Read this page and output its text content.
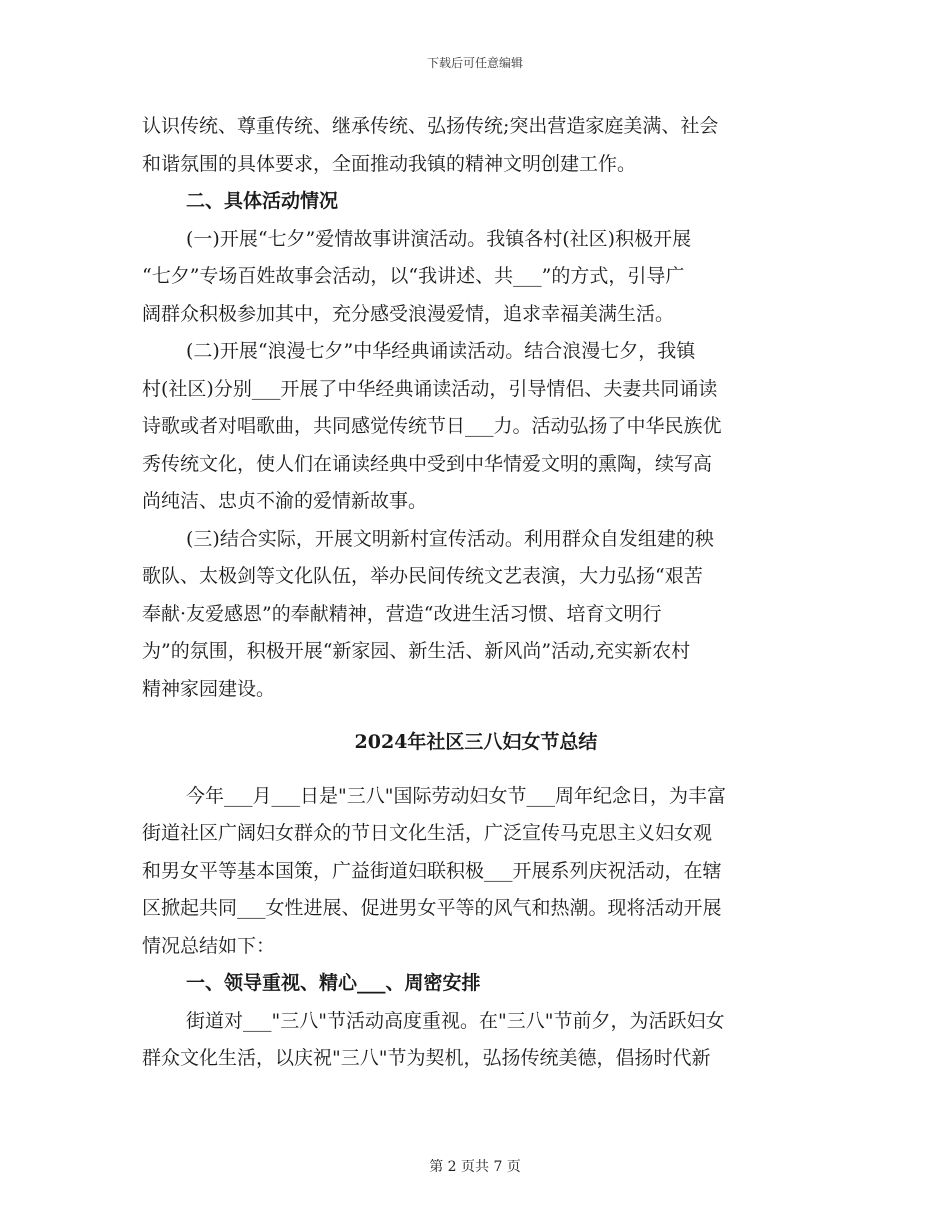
下载后可任意编辑
认识传统、尊重传统、继承传统、弘扬传统;突出营造家庭美满、社会
和谐氛围的具体要求，全面推动我镇的精神文明创建工作。
二、具体活动情况
(一)开展“七夕”爱情故事讲演活动。我镇各村(社区)积极开展
“七夕”专场百姓故事会活动，以“我讲述、共___”的方式，引导广
阔群众积极参加其中，充分感受浪漫爱情，追求幸福美满生活。
(二)开展“浪漫七夕”中华经典诵读活动。结合浪漫七夕，我镇
村(社区)分别___开展了中华经典诵读活动，引导情侣、夫妻共同诵读
诗歌或者对唱歌曲，共同感觉传统节日___力。活动弘扬了中华民族优
秀传统文化，使人们在诵读经典中受到中华情爱文明的熏陶，续写高
尚纯洁、忠贞不渝的爱情新故事。
(三)结合实际，开展文明新村宣传活动。利用群众自发组建的秧
歌队、太极剑等文化队伍，举办民间传统文艺表演，大力弘扬“艰苦
奉献·友爱感恩”的奉献精神，营造“改进生活习惯、培育文明行
为”的氛围，积极开展“新家园、新生活、新风尚”活动,充实新农村
精神家园建设。
2024年社区三八妇女节总结
今年___月___日是"三八"国际劳动妇女节___周年纪念日，为丰富
街道社区广阔妇女群众的节日文化生活，广泛宣传马克思主义妇女观
和男女平等基本国策，广益街道妇联积极___开展系列庆祝活动，在辖
区掀起共同___女性进展、促进男女平等的风气和热潮。现将活动开展
情况总结如下：
一、领导重视、精心___、周密安排
街道对___"三八"节活动高度重视。在"三八"节前夕，为活跃妇女
群众文化生活，以庆祝"三八"节为契机，弘扬传统美德，倡扬时代新
第 2 页共 7 页
